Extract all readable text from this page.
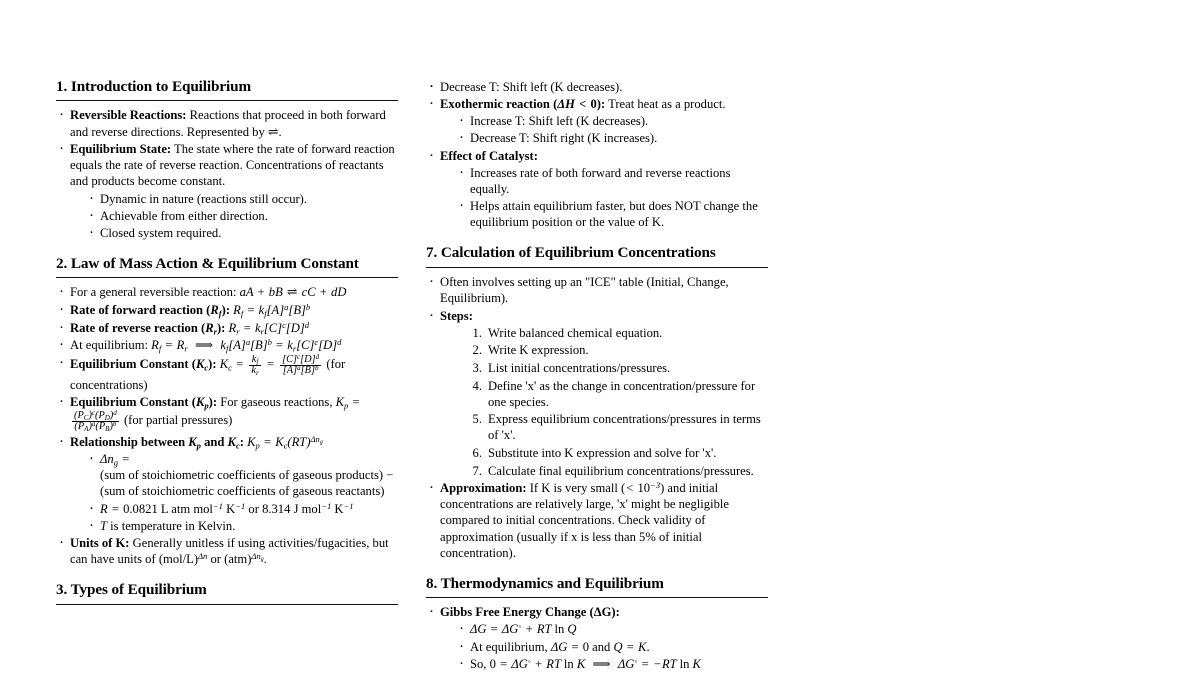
1. Introduction to Equilibrium
· Reversible Reactions: Reactions that proceed in both forward and reverse directions. Represented by ⇌.
· Equilibrium State: The state where the rate of forward reaction equals the rate of reverse reaction. Concentrations of reactants and products become constant.
· Dynamic in nature (reactions still occur).
· Achievable from either direction.
· Closed system required.
2. Law of Mass Action & Equilibrium Constant
· For a general reversible reaction: aA + bB ⇌ cC + dD
· Rate of forward reaction $(R_f)$: $R_f = k_f[A]^a[B]^b$
· Rate of reverse reaction $(R_r)$: $R_r = k_r[C]^c[D]^d$
· At equilibrium: $R_f = R_r$ ⟹  $k_f[A]^a[B]^b = k_r[C]^c[D]^d$
· Equilibrium Constant $(K_c)$: $K_c = \frac{k_f}{k_r} = \frac{[C]^c[D]^d}{[A]^a[B]^b} (for$ concentrations)
· Equilibrium Constant $(K_p)$: For gaseous reactions, $K_p$ =
$\frac{(P_C)^c(P_D)^d}{(P_A)^a(P_B)^b} (for$ partial pressures)
· Relationship between $K_p$ and $K_c$: $K_p = K_c(RT)^{\Delta n_g}$
· $\Delta n_g$ =
(sum of stoichiometric coefficients of gaseous products) −
(sum of stoichiometric coefficients of gaseous reactants)
· R = 0.0821 L atm mol$^{-1}$ $K^{-1}$ or 8.314 J mol$^{-1}$ $K^{-1}$
· T is temperature in Kelvin.
· Units of K: Generally unitless if using activities/fugacities, but can have units of $(mol/L)^{\Delta n}$ or (atm)$^{\Delta n_g}$.
3. Types of Equilibrium
· · · Decrease T: Shift left (K decreases).
· Exothermic reaction (ΔH < 0): Treat heat as a product.
· Increase T: Shift left (K decreases).
· Decrease T: Shift right (K increases).
· Effect of Catalyst:
· Increases rate of both forward and reverse reactions equally.
· Helps attain equilibrium faster, but does NOT change the equilibrium position or the value of K.
7. Calculation of Equilibrium Concentrations
· Often involves setting up an "ICE" table (Initial, Change, Equilibrium).
· Steps:
Write balanced chemical equation.
Write K expression.
List initial concentrations/pressures.
Define 'x' as the change in concentration/pressure for one species.
Express equilibrium concentrations/pressures in terms of 'x'.
Substitute into K expression and solve for 'x'.
Calculate final equilibrium concentrations/pressures.
· Approximation: If K is very small (< $10^{-3}$) and initial concentrations are relatively large, 'x' might be negligible compared to initial concentrations. Check validity of approximation (usually if x is less than 5% of initial concentration).
8. Thermodynamics and Equilibrium
· Gibbs Free Energy Change (ΔG):
· ΔG = ΔG◦ + RT ln Q
· At equilibrium, ΔG = 0 and Q = K.
· So, 0 = ΔG◦ + RT ln K  ⟹  ΔG◦ = −RT ln K
